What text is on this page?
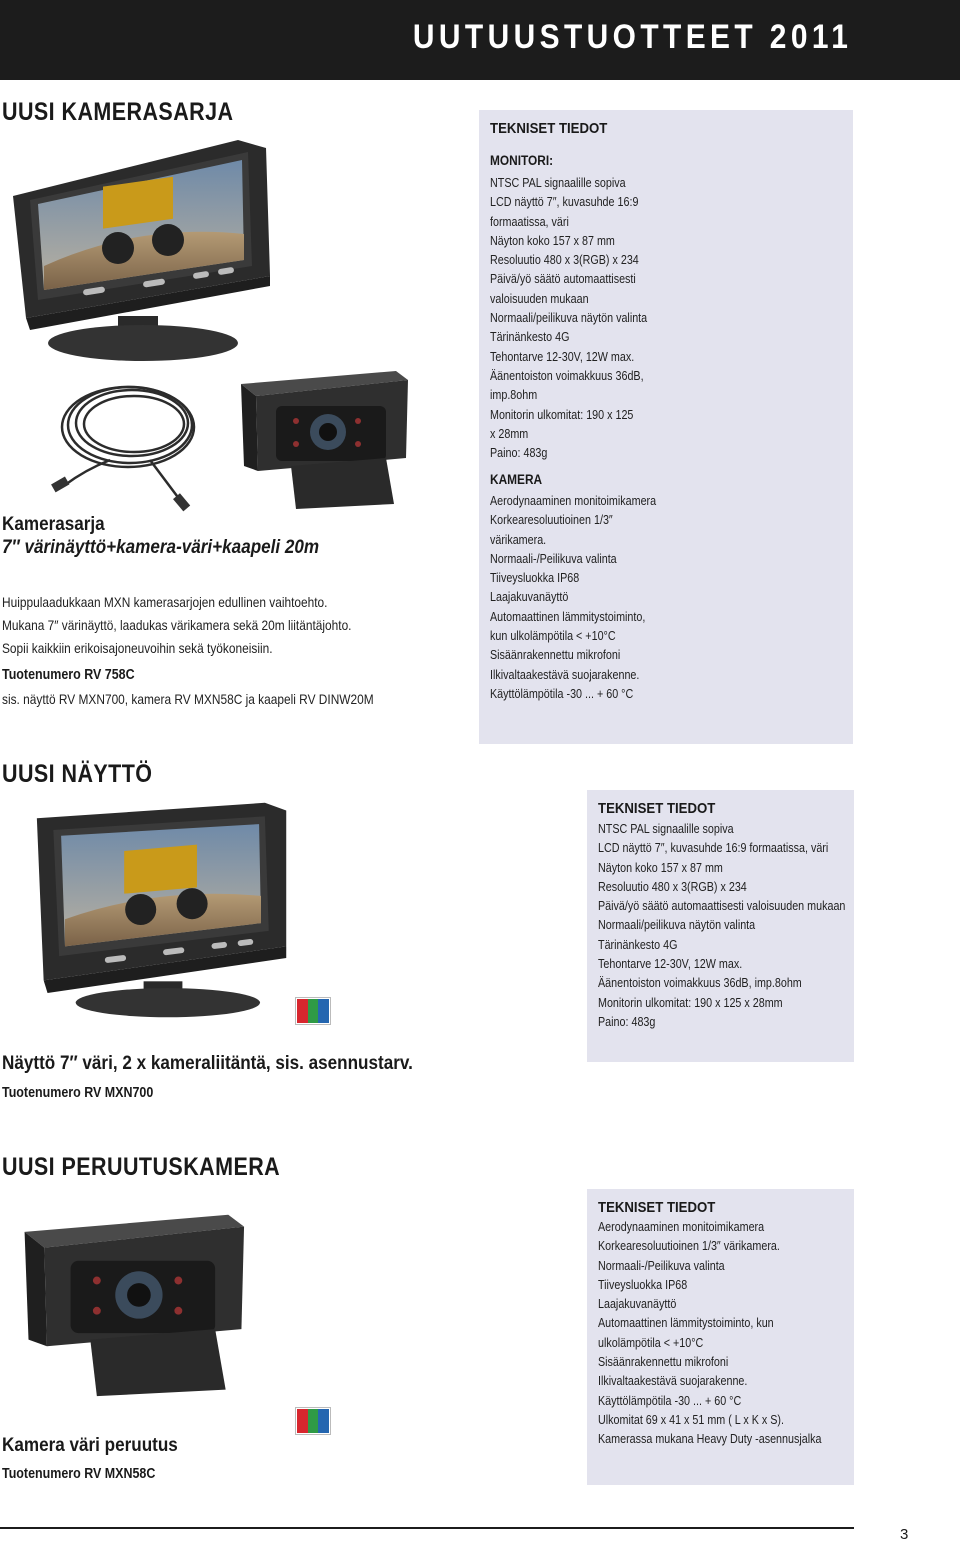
UUTUUSTUOTTEET 2011
UUSI KAMERASARJA
Kamerasarja
7″ värinäyttö+kamera-väri+kaapeli 20m
Huippulaadukkaan MXN kamerasarjojen edullinen vaihtoehto.
Mukana 7″ värinäyttö, laadukas värikamera sekä 20m liitäntäjohto.
Sopii kaikkiin erikoisajoneuvoihin sekä työkoneisiin.
Tuotenumero RV 758C
sis. näyttö RV MXN700, kamera RV MXN58C ja kaapeli RV DINW20M
TEKNISET TIEDOT
MONITORI:
NTSC PAL signaalille sopiva
LCD näyttö 7″, kuvasuhde 16:9
formaatissa, väri
Näyton koko 157 x 87 mm
Resoluutio 480 x 3(RGB) x 234
Päivä/yö säätö automaattisesti
valoisuuden mukaan
Normaali/peilikuva näytön valinta
Tärinänkesto 4G
Tehontarve 12-30V, 12W max.
Äänentoiston voimakkuus 36dB,
imp.8ohm
Monitorin ulkomitat: 190 x 125
x 28mm
Paino: 483g
KAMERA
Aerodynaaminen monitoimikamera
Korkearesoluutioinen 1/3″
värikamera.
Normaali-/Peilikuva valinta
Tiiveysluokka IP68
Laajakuvanäyttö
Automaattinen lämmitystoiminto,
kun ulkolämpötila < +10°C
Sisäänrakennettu mikrofoni
Ilkivaltaakestävä suojarakenne.
Käyttölämpötila -30 ... + 60 °C
UUSI NÄYTTÖ
Näyttö 7″ väri, 2 x kameraliitäntä, sis. asennustarv.
Tuotenumero RV MXN700
TEKNISET TIEDOT
NTSC PAL signaalille sopiva
LCD näyttö 7″, kuvasuhde 16:9 formaatissa, väri
Näyton koko 157 x 87 mm
Resoluutio 480 x 3(RGB) x 234
Päivä/yö säätö automaattisesti valoisuuden mukaan
Normaali/peilikuva näytön valinta
Tärinänkesto 4G
Tehontarve 12-30V, 12W max.
Äänentoiston voimakkuus 36dB, imp.8ohm
Monitorin ulkomitat: 190 x 125 x 28mm
Paino: 483g
UUSI PERUUTUSKAMERA
Kamera väri peruutus
Tuotenumero RV MXN58C
TEKNISET TIEDOT
Aerodynaaminen monitoimikamera
Korkearesoluutioinen 1/3″ värikamera.
Normaali-/Peilikuva valinta
Tiiveysluokka IP68
Laajakuvanäyttö
Automaattinen lämmitystoiminto, kun
ulkolämpötila < +10°C
Sisäänrakennettu mikrofoni
Ilkivaltaakestävä suojarakenne.
Käyttölämpötila -30 ... + 60 °C
Ulkomitat 69 x 41 x 51 mm ( L x K x S).
Kamerassa mukana Heavy Duty -asennusjalka
3
